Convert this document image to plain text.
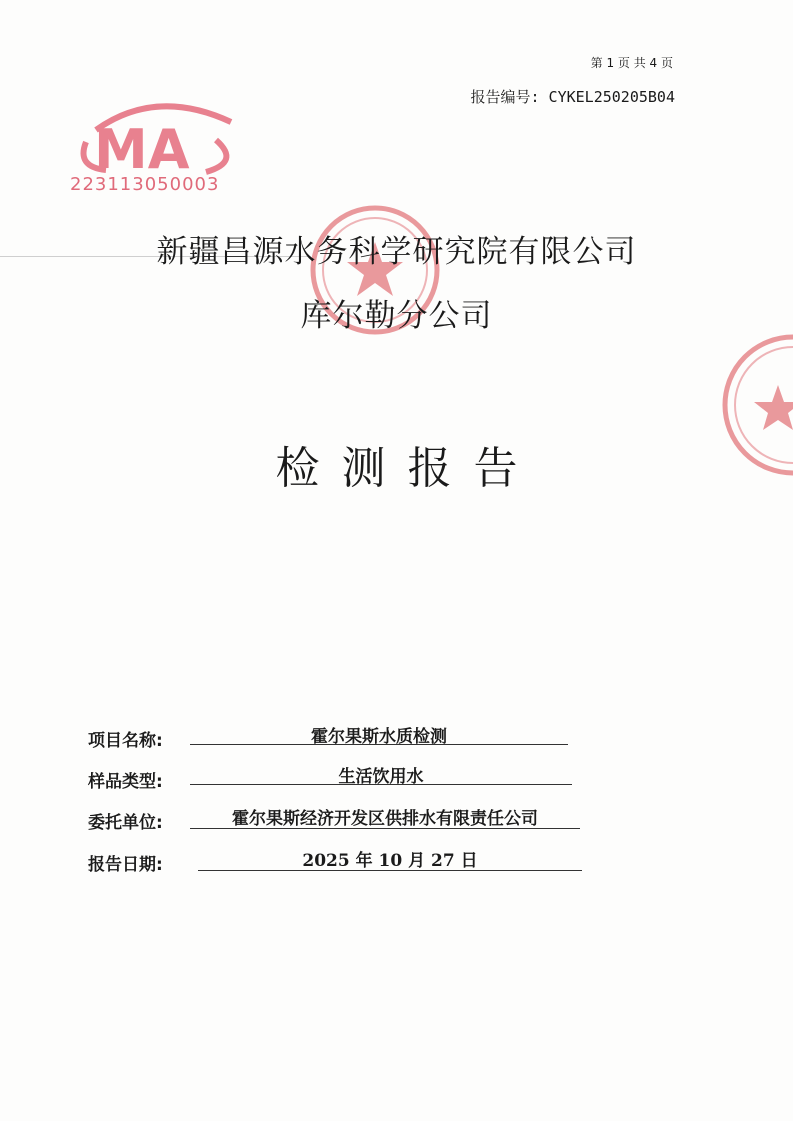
第 1 页 共 4 页
报告编号: CYKEL250205B04
MA
223113050003
新疆昌源水务科学研究院有限公司
库尔勒分公司
检测报告
项目名称:	霍尔果斯水质检测
样品类型:	生活饮用水
委托单位:	霍尔果斯经济开发区供排水有限责任公司
报告日期:	2025 年 10 月 27 日
